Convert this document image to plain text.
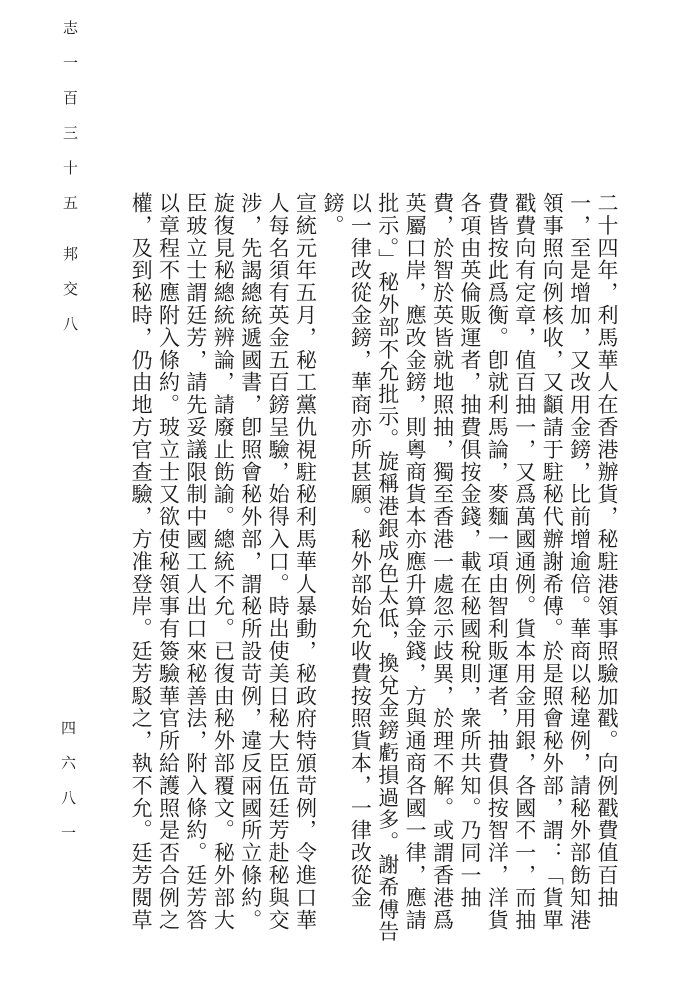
二十四年，利馬華人在香港辦貨，秘駐港領事照驗加戳。向例戳費值百抽一，至是增加，又改用金鎊，比前增逾倍。華商以秘違例，請秘外部飭知港領事照向例核收，又顲請于駐秘代辦謝希傅。於是照會秘外部，謂：「貨單戳費向有定章，值百抽一，又爲萬國通例。貨本用金用銀，各國不一，而抽費皆按此爲衡。卽就利馬論，麥麵一項由智利販運者，抽費俱按智洋，洋貨各項由英倫販運者，抽費俱按金錢，載在秘國稅則，衆所共知。乃同一抽費，於智於英皆就地照抽，獨至香港一處忽示歧異，於理不解。或謂香港爲英屬口岸，應改金鎊，則粵商貨本亦應升算金錢，方與通商各國一律，應請批示。」秘外部不允批示。旋稱港銀成色太低，換兌金鎊虧損過多。謝希傅告以一律改從金鎊，華商亦所甚願。秘外部始允收費按照貨本，一律改從金鎊。

宣統元年五月，秘工黨仇視駐秘利馬華人暴動，秘政府特頒苛例，令進口華人每名須有英金五百鎊呈驗，始得入口。時出使美日秘大臣伍廷芳赴秘與交涉，先謁總統遞國書，卽照會秘外部，謂秘所設苛例，違反兩國所立條約。旋復見秘總統辨論，請廢止飭諭。總統不允。已復由秘外部覆文。秘外部大臣玻立士謂廷芳，請先妥議限制中國工人出口來秘善法，附入條約。廷芳答以章程不應附入條約。玻立士又欲使秘領事有簽驗華官所給護照是否合例之權，及到秘時，仍由地方官查驗，方准登岸。廷芳駁之，執不允。廷芳閱草

志 一 百 三 十 五　 邦 交 八
四 六 八 一
